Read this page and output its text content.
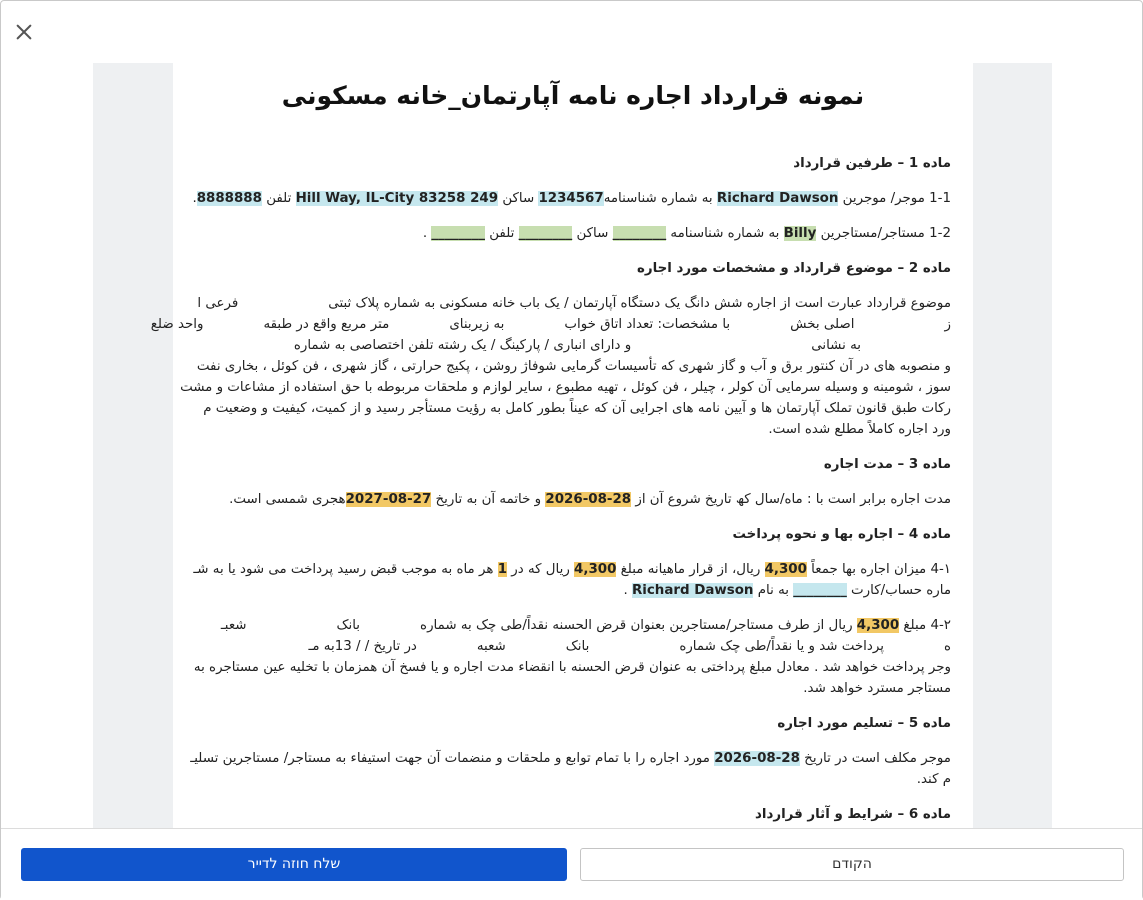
نمونه قرارداد اجاره نامه آپارتمان_خانه مسکونی
ماده 1 – طرفین قرارداد
1-1 موجر/ موجرین Richard Dawson به شماره شناسنامه1234567 ساکن Hill Way, IL-City 83258 249 تلفن 8888888.
1-2 مستاجر/مستاجرین Billy به شماره شناسنامه ________ ساکن ________ تلفن ________ .
ماده 2 – موضوع قرارداد و مشخصات مورد اجاره
موضوع قرارداد عبارت است از اجاره شش دانگ یک دستگاه آپارتمان / یک باب خانه مسکونی به شماره پلاک ثبتیفرعی ا
زاصلی بخشبا مشخصات: تعداد اتاق خواببه زیربنایمتر مربع واقع در طبقهواحد ضلع
به نشانیو دارای انباری / پارکینگ / یک رشته تلفن اختصاصی به شماره
و منصوبه های در آن کنتور برق و آب و گاز شهری که تأسیسات گرمایی شوفاژ روشن ، پکیج حرارتی ، گاز شهری ، فن کوئل ، بخاری نفت
سوز ، شومینه و وسیله سرمایی آن کولر ، چیلر ، فن کوئل ، تهیه مطبوع ، سایر لوازم و ملحقات مربوطه با حق استفاده از مشاعات و مشت
رکات طبق قانون تملک آپارتمان ها و آیین نامه های اجرایی آن که عیناً بطور کامل به رؤیت مستأجر رسید و از کمیت، کیفیت و وضعیت م
ورد اجاره کاملاً مطلع شده است.
ماده 3 – مدت اجاره
مدت اجاره برابر است با : ماه/سال کھ تاریخ شروع آن از 28-08-2026 و خاتمه آن به تاریخ 27-08-2027هجری شمسی است.
ماده 4 – اجاره بها و نحوه پرداخت
4-۱ میزان اجاره بها جمعاً 4,300 ریال، از قرار ماهیانه مبلغ 4,300 ریال که در 1 هر ماه به موجب قبض رسید پرداخت می شود یا به شـ
ماره حساب/کارت ________ به نام Richard Dawson .
4-۲ مبلغ 4,300 ریال از طرف مستاجر/مستاجرین بعنوان قرض الحسنه نقداً/طی چک به شمارهبانکشعبـ
هپرداخت شد و یا نقداً/طی چک شمارهبانکشعبهدر تاریخ / / 13به مـ
وجر پرداخت خواهد شد . معادل مبلغ پرداختی به عنوان قرض الحسنه با انقضاء مدت اجاره و یا فسخ آن همزمان با تخلیه عین مستاجره به
مستاجر مسترد خواهد شد.
ماده 5 – تسلیم مورد اجاره
موجر مکلف است در تاریخ 28-08-2026 مورد اجاره را با تمام توابع و ملحقات و منضمات آن جهت استیفاء به مستاجر/ مستاجرین تسلیـ
م کند.
ماده 6 – شرایط و آثار قرارداد
שלח חוזה לדייר	הקודם
